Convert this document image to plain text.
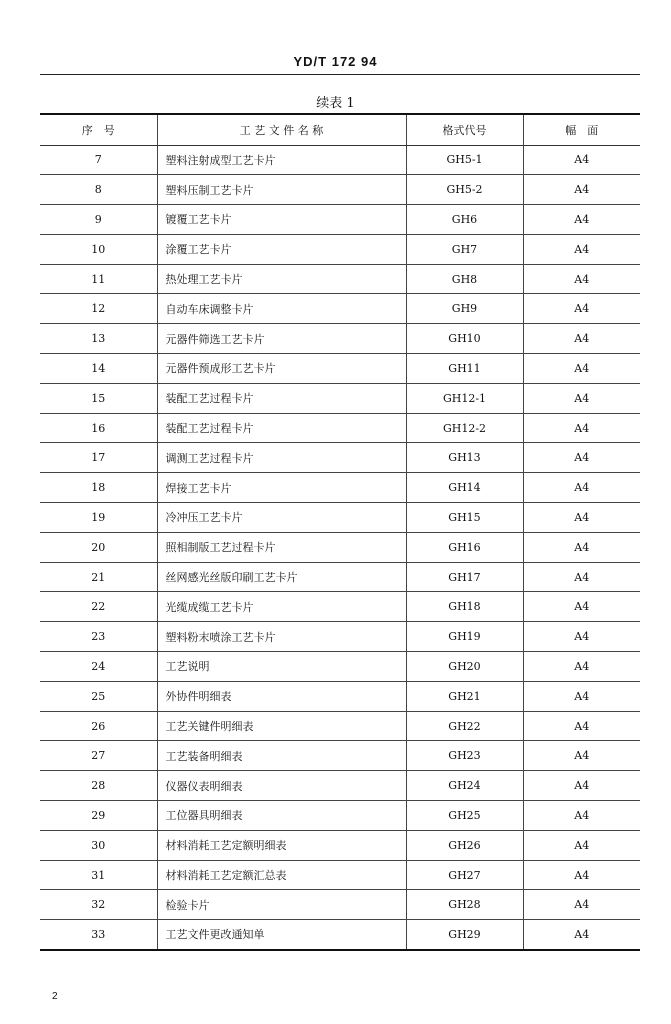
YD/T 172 94
续表 1
序　号	工 艺 文 件 名 称	格式代号	幅　面
7	塑料注射成型工艺卡片	GH5-1	A4
8	塑料压制工艺卡片	GH5-2	A4
9	镀覆工艺卡片	GH6	A4
10	涂覆工艺卡片	GH7	A4
11	热处理工艺卡片	GH8	A4
12	自动车床调整卡片	GH9	A4
13	元器件筛选工艺卡片	GH10	A4
14	元器件预成形工艺卡片	GH11	A4
15	装配工艺过程卡片	GH12-1	A4
16	装配工艺过程卡片	GH12-2	A4
17	调测工艺过程卡片	GH13	A4
18	焊接工艺卡片	GH14	A4
19	冷冲压工艺卡片	GH15	A4
20	照相制版工艺过程卡片	GH16	A4
21	丝网感光丝版印刷工艺卡片	GH17	A4
22	光缆成缆工艺卡片	GH18	A4
23	塑料粉末喷涂工艺卡片	GH19	A4
24	工艺说明	GH20	A4
25	外协件明细表	GH21	A4
26	工艺关键件明细表	GH22	A4
27	工艺装备明细表	GH23	A4
28	仪器仪表明细表	GH24	A4
29	工位器具明细表	GH25	A4
30	材料消耗工艺定额明细表	GH26	A4
31	材料消耗工艺定额汇总表	GH27	A4
32	检验卡片	GH28	A4
33	工艺文件更改通知单	GH29	A4
2
